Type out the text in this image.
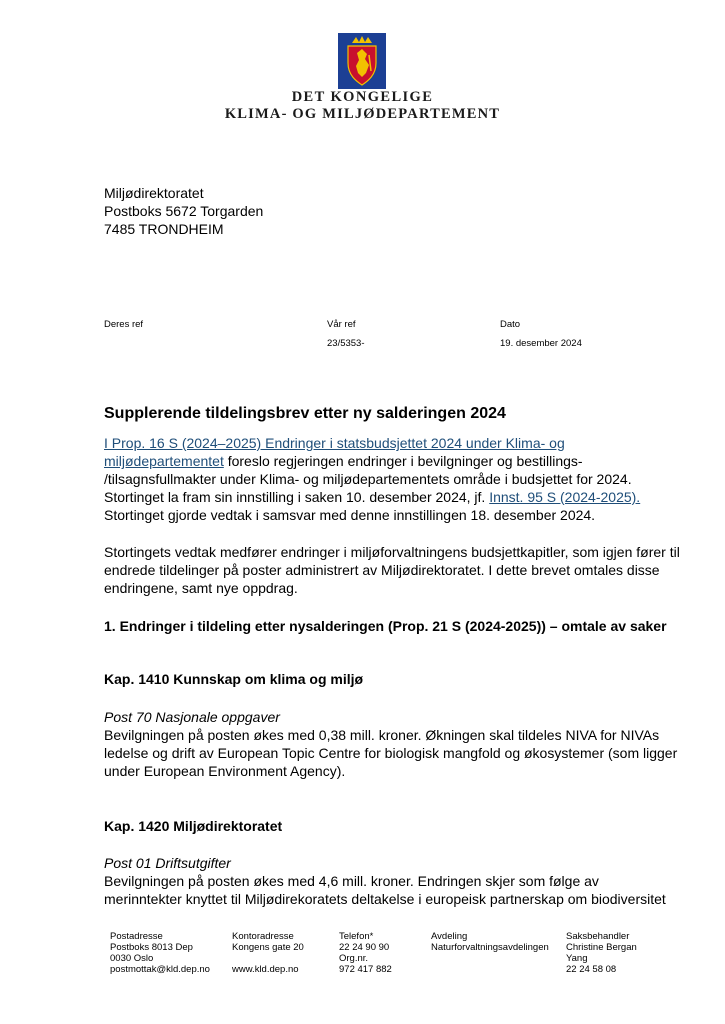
DET KONGELIGE
KLIMA- OG MILJØDEPARTEMENT
Miljødirektoratet
Postboks 5672 Torgarden
7485 TRONDHEIM
Deres ref	Vår ref
23/5353-
Dato
19. desember 2024
Supplerende tildelingsbrev etter ny salderingen 2024
I Prop. 16 S (2024–2025) Endringer i statsbudsjettet 2024 under Klima- og
miljødepartementet foreslo regjeringen endringer i bevilgninger og bestillings-
/tilsagnsfullmakter under Klima- og miljødepartementets område i budsjettet for 2024.
Stortinget la fram sin innstilling i saken 10. desember 2024, jf. Innst. 95 S (2024-2025).
Stortinget gjorde vedtak i samsvar med denne innstillingen 18. desember 2024.
Stortingets vedtak medfører endringer i miljøforvaltningens budsjettkapitler, som igjen fører til
endrede tildelinger på poster administrert av Miljødirektoratet. I dette brevet omtales disse
endringene, samt nye oppdrag.
1. Endringer i tildeling etter nysalderingen (Prop. 21 S (2024-2025)) – omtale av saker
Kap. 1410 Kunnskap om klima og miljø
Post 70 Nasjonale oppgaver
Bevilgningen på posten økes med 0,38 mill. kroner. Økningen skal tildeles NIVA for NIVAs
ledelse og drift av European Topic Centre for biologisk mangfold og økosystemer (som ligger
under European Environment Agency).
Kap. 1420 Miljødirektoratet
Post 01 Driftsutgifter
Bevilgningen på posten økes med 4,6 mill. kroner. Endringen skjer som følge av
merinntekter knyttet til Miljødirekoratets deltakelse i europeisk partnerskap om biodiversitet
Postadresse
Postboks 8013 Dep
0030 Oslo
postmottak@kld.dep.no
Kontoradresse
Kongens gate 20

www.kld.dep.no
Telefon*
22 24 90 90
Org.nr.
972 417 882
Avdeling
Naturforvaltningsavdelingen
Saksbehandler
Christine Bergan
Yang
22 24 58 08
